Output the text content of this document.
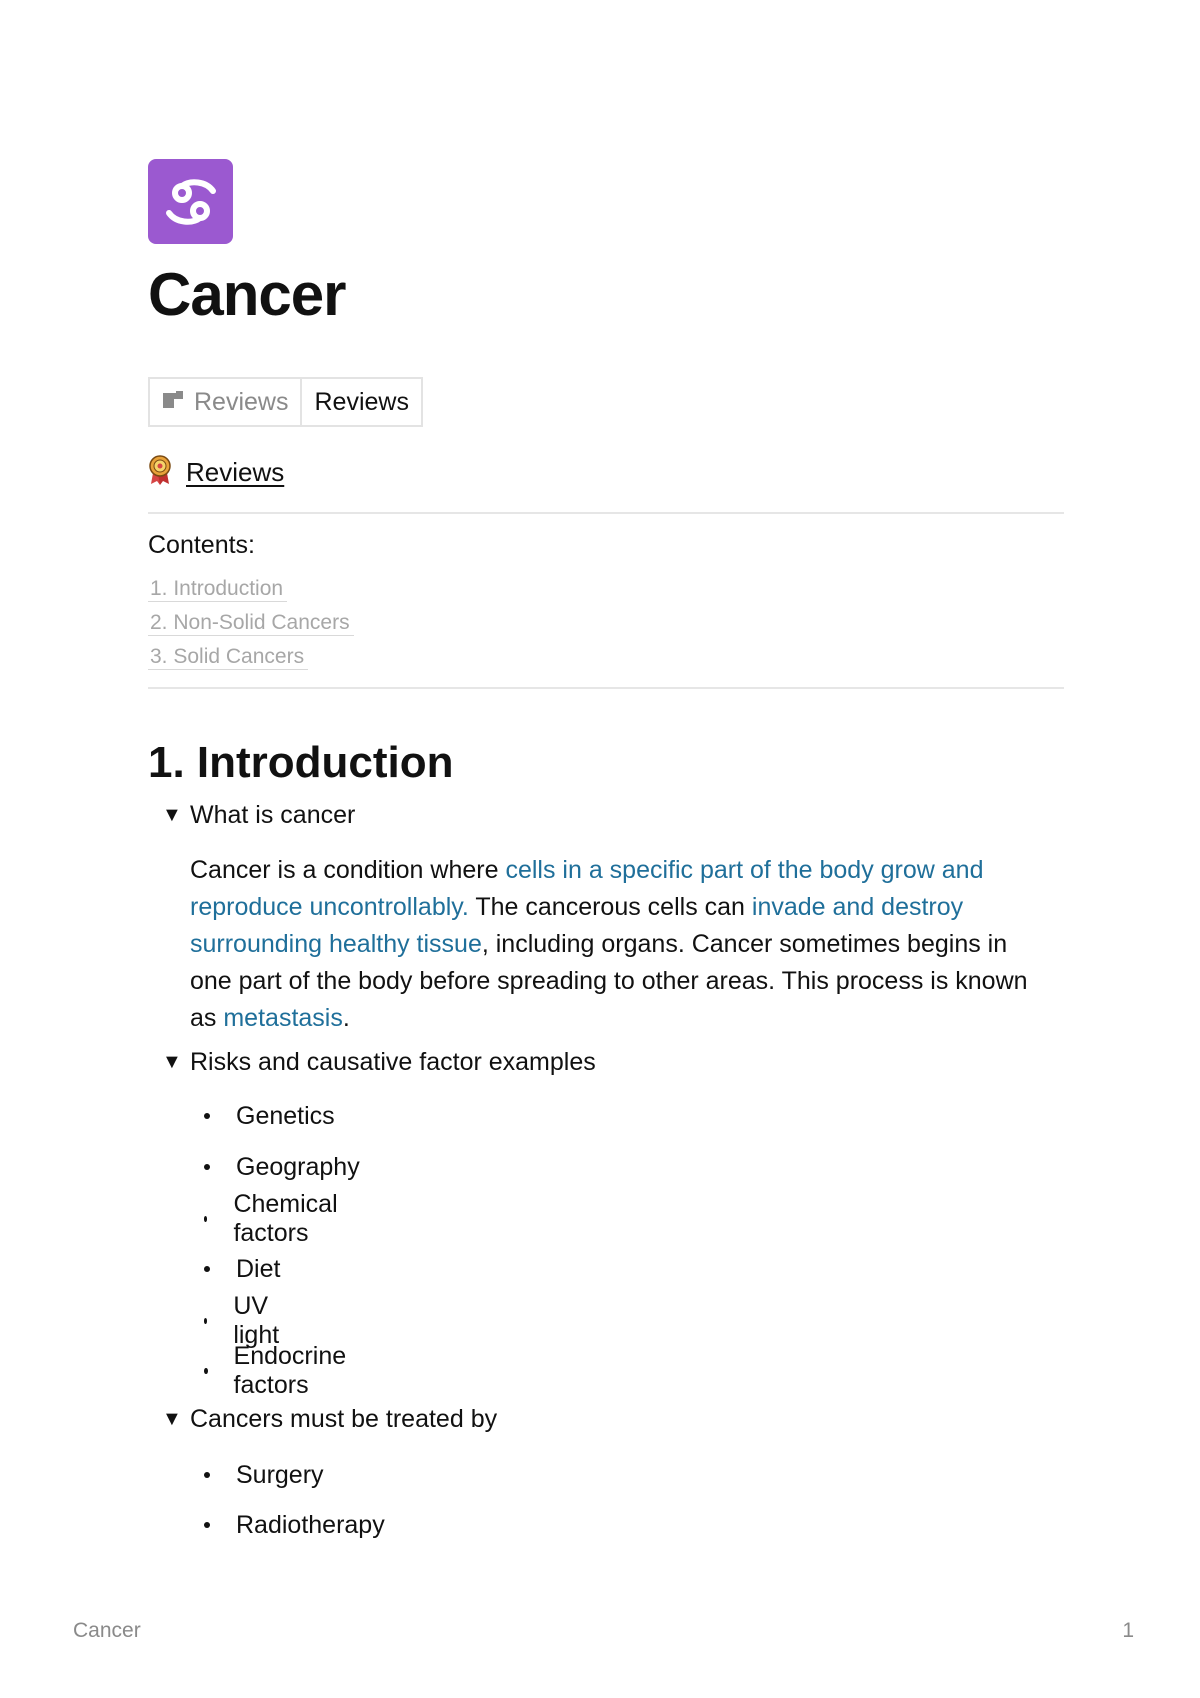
Cancer
Reviews	Reviews
Reviews
Contents:
1. Introduction
2. Non-Solid Cancers
3. Solid Cancers
1. Introduction
▼ What is cancer

Cancer is a condition where cells in a specific part of the body grow and reproduce uncontrollably. The cancerous cells can invade and destroy surrounding healthy tissue, including organs. Cancer sometimes begins in one part of the body before spreading to other areas. This process is known as metastasis.

▼ Risks and causative factor examples
Genetics
Geography
Chemical factors
Diet
UV light
Endocrine factors
▼ Cancers must be treated by
Surgery
Radiotherapy
Cancer	1
